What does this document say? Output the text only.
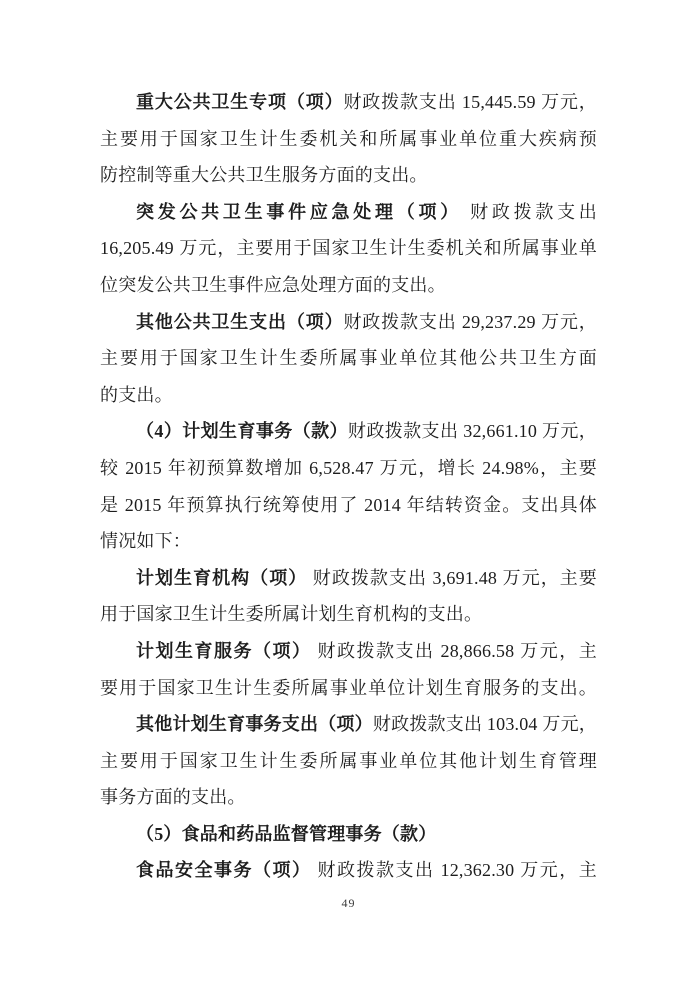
重大公共卫生专项（项）财政拨款支出 15,445.59 万元，
主要用于国家卫生计生委机关和所属事业单位重大疾病预
防控制等重大公共卫生服务方面的支出。
突发公共卫生事件应急处理（项） 财政拨款支出
16,205.49 万元，主要用于国家卫生计生委机关和所属事业单
位突发公共卫生事件应急处理方面的支出。
其他公共卫生支出（项）财政拨款支出 29,237.29 万元，
主要用于国家卫生计生委所属事业单位其他公共卫生方面
的支出。
（4）计划生育事务（款）财政拨款支出 32,661.10 万元，
较 2015 年初预算数增加 6,528.47 万元，增长 24.98%，主要
是 2015 年预算执行统筹使用了 2014 年结转资金。支出具体
情况如下：
计划生育机构（项） 财政拨款支出 3,691.48 万元，主要
用于国家卫生计生委所属计划生育机构的支出。
计划生育服务（项） 财政拨款支出 28,866.58 万元，主
要用于国家卫生计生委所属事业单位计划生育服务的支出。
其他计划生育事务支出（项）财政拨款支出 103.04 万元，
主要用于国家卫生计生委所属事业单位其他计划生育管理
事务方面的支出。
（5）食品和药品监督管理事务（款）
食品安全事务（项） 财政拨款支出 12,362.30 万元，主
49
